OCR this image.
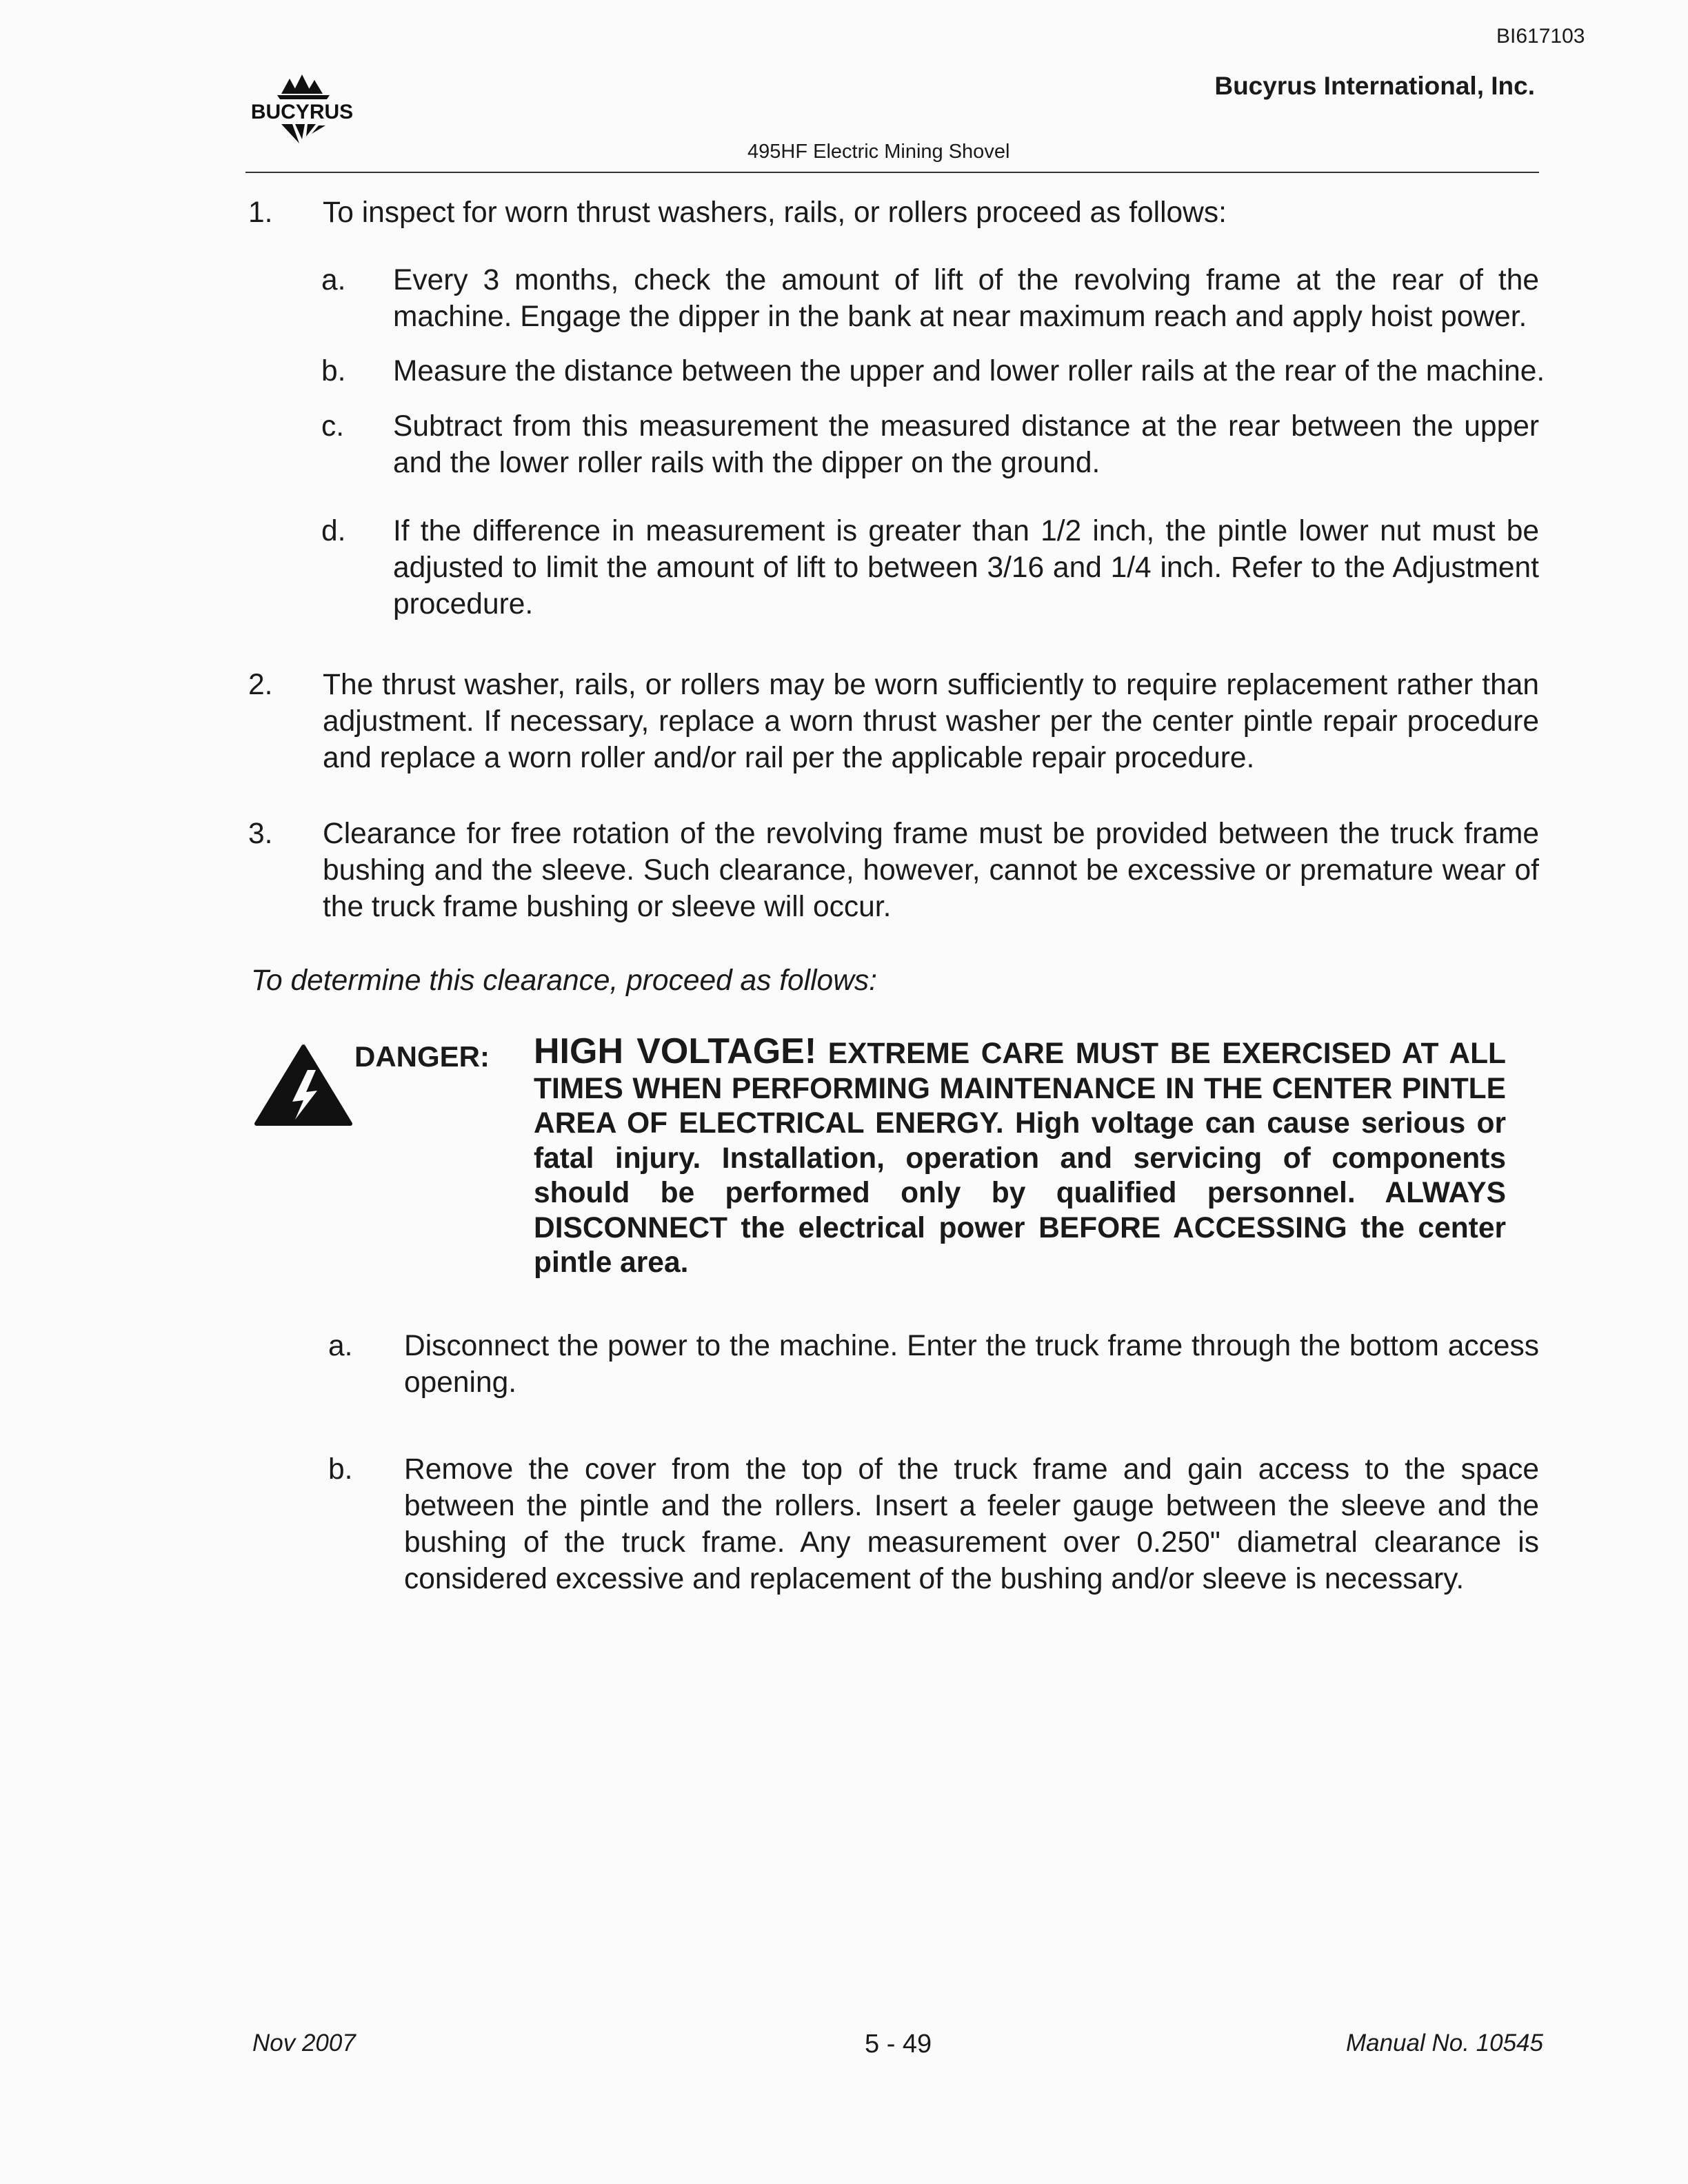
BI617103
BUCYRUS
Bucyrus International, Inc.
495HF Electric Mining Shovel
1. To inspect for worn thrust washers, rails, or rollers proceed as follows:
a. Every 3 months, check the amount of lift of the revolving frame at the rear of the machine. Engage the dipper in the bank at near maximum reach and apply hoist power.
b. Measure the distance between the upper and lower roller rails at the rear of the machine.
c. Subtract from this measurement the measured distance at the rear between the upper and the lower roller rails with the dipper on the ground.
d. If the difference in measurement is greater than 1/2 inch, the pintle lower nut must be adjusted to limit the amount of lift to between 3/16 and 1/4 inch. Refer to the Adjustment procedure.
2. The thrust washer, rails, or rollers may be worn sufficiently to require replacement rather than adjustment. If necessary, replace a worn thrust washer per the center pintle repair procedure and replace a worn roller and/or rail per the applicable repair procedure.
3. Clearance for free rotation of the revolving frame must be provided between the truck frame bushing and the sleeve. Such clearance, however, cannot be excessive or premature wear of the truck frame bushing or sleeve will occur.
To determine this clearance, proceed as follows:
DANGER: HIGH VOLTAGE! EXTREME CARE MUST BE EXERCISED AT ALL TIMES WHEN PERFORMING MAINTENANCE IN THE CENTER PINTLE AREA OF ELECTRICAL ENERGY. High voltage can cause serious or fatal injury. Installation, operation and servicing of components should be performed only by qualified personnel. ALWAYS DISCONNECT the electrical power BEFORE ACCESSING the center pintle area.
a. Disconnect the power to the machine. Enter the truck frame through the bottom access opening.
b. Remove the cover from the top of the truck frame and gain access to the space between the pintle and the rollers. Insert a feeler gauge between the sleeve and the bushing of the truck frame. Any measurement over 0.250" diametral clearance is considered excessive and replacement of the bushing and/or sleeve is necessary.
Nov 2007	5 - 49	Manual No. 10545
